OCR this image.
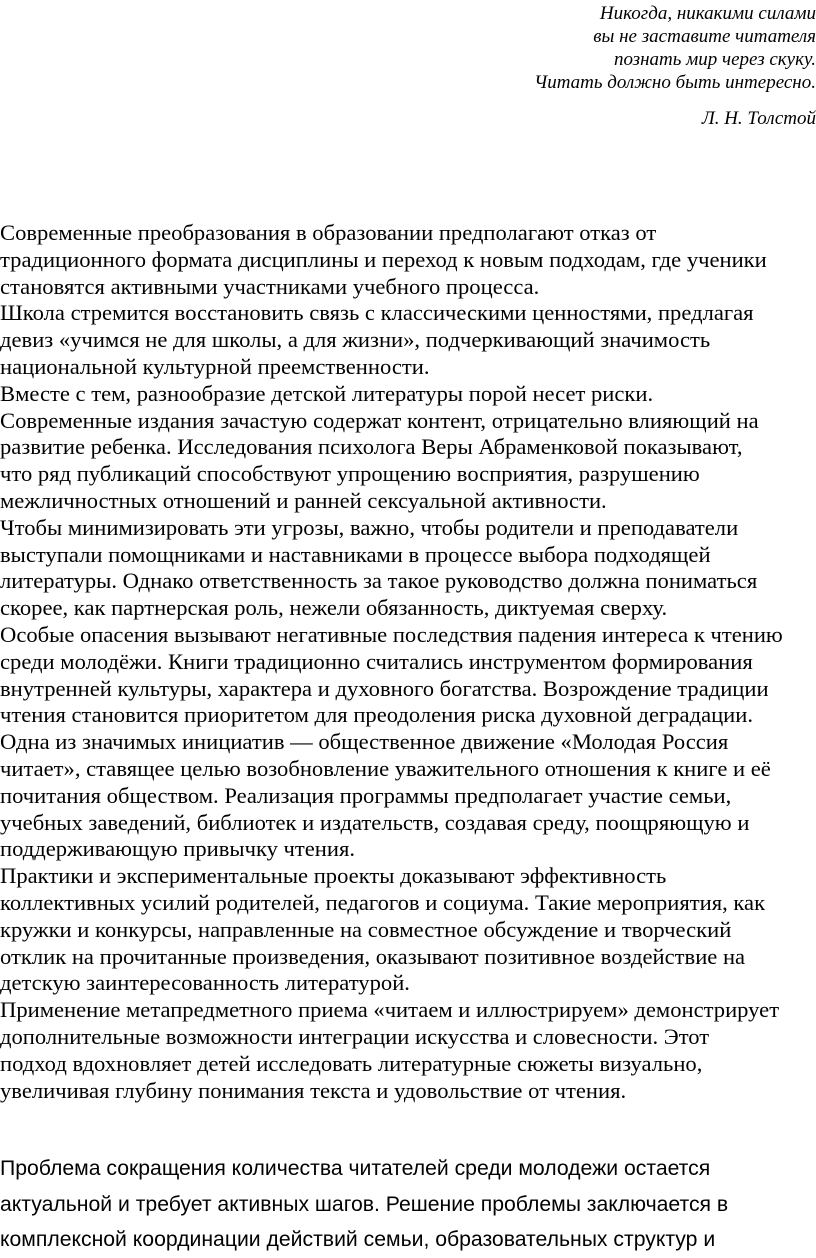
Никогда, никакими силами
вы не заставите читателя
познать мир через скуку.
Читать должно быть интересно.
Л. Н. Толстой
Современные преобразования в образовании предполагают отказ от
традиционного формата дисциплины и переход к новым подходам, где ученики
становятся активными участниками учебного процесса.
Школа стремится восстановить связь с классическими ценностями, предлагая
девиз «учимся не для школы, а для жизни», подчеркивающий значимость
национальной культурной преемственности.
Вместе с тем, разнообразие детской литературы порой несет риски.
Современные издания зачастую содержат контент, отрицательно влияющий на
развитие ребенка. Исследования психолога Веры Абраменковой показывают,
что ряд публикаций способствуют упрощению восприятия, разрушению
межличностных отношений и ранней сексуальной активности.
Чтобы минимизировать эти угрозы, важно, чтобы родители и преподаватели
выступали помощниками и наставниками в процессе выбора подходящей
литературы. Однако ответственность за такое руководство должна пониматься
скорее, как партнерская роль, нежели обязанность, диктуемая сверху.
Особые опасения вызывают негативные последствия падения интереса к чтению
среди молодёжи. Книги традиционно считались инструментом формирования
внутренней культуры, характера и духовного богатства. Возрождение традиции
чтения становится приоритетом для преодоления риска духовной деградации.
Одна из значимых инициатив — общественное движение «Молодая Россия
читает», ставящее целью возобновление уважительного отношения к книге и её
почитания обществом. Реализация программы предполагает участие семьи,
учебных заведений, библиотек и издательств, создавая среду, поощряющую и
поддерживающую привычку чтения.
Практики и экспериментальные проекты доказывают эффективность
коллективных усилий родителей, педагогов и социума. Такие мероприятия, как
кружки и конкурсы, направленные на совместное обсуждение и творческий
отклик на прочитанные произведения, оказывают позитивное воздействие на
детскую заинтересованность литературой.
Применение метапредметного приема «читаем и иллюстрируем» демонстрирует
дополнительные возможности интеграции искусства и словесности. Этот
подход вдохновляет детей исследовать литературные сюжеты визуально,
увеличивая глубину понимания текста и удовольствие от чтения.
Проблема сокращения количества читателей среди молодежи остается
актуальной и требует активных шагов. Решение проблемы заключается в
комплексной координации действий семьи, образовательных структур и
